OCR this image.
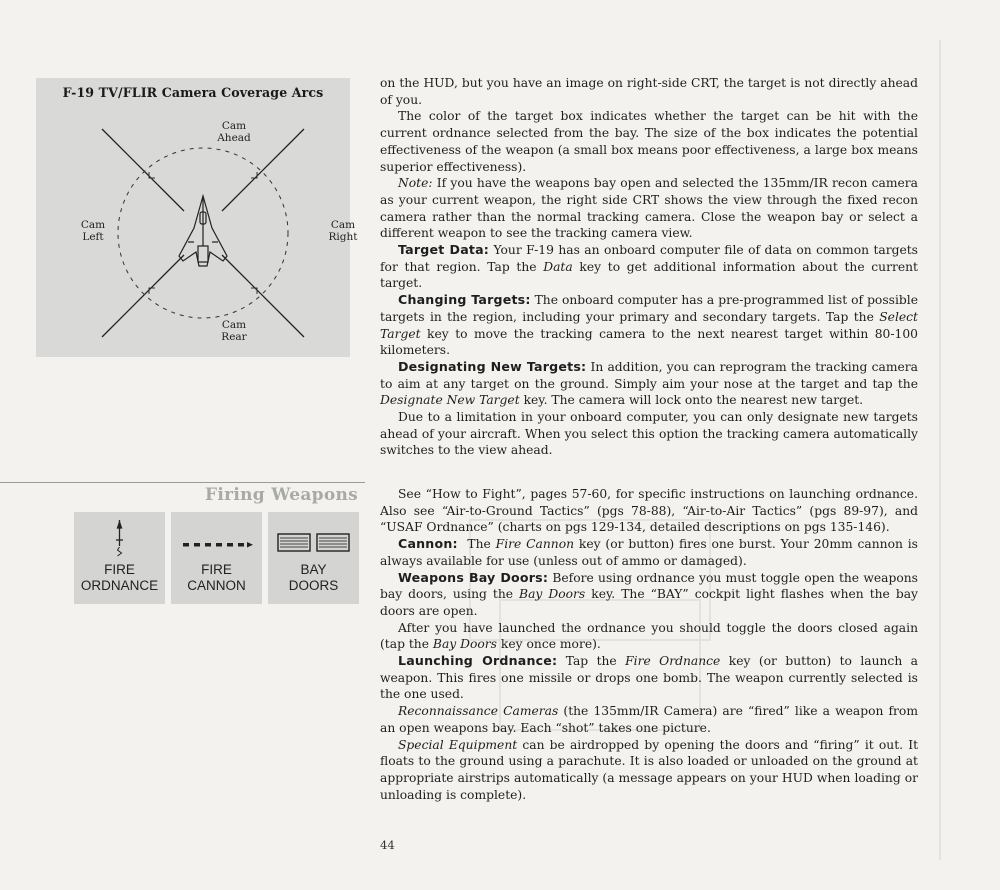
F-19 TV/FLIR Camera Coverage Arcs
Cam
Ahead
Cam
Left
Cam
Right
Cam
Rear
Firing Weapons
FIRE
ORDNANCE
FIRE
CANNON
BAY
DOORS

on the HUD, but you have an image on right-side CRT, the target is not directly ahead of you.

The color of the target box indicates whether the target can be hit with the current ordnance selected from the bay. The size of the box indicates the potential effectiveness of the weapon (a small box means poor effectiveness, a large box means superior effectiveness).

Note: If you have the weapons bay open and selected the 135mm/IR recon camera as your current weapon, the right side CRT shows the view through the fixed recon camera rather than the normal tracking camera. Close the weapon bay or select a different weapon to see the tracking camera view.

Target Data: Your F-19 has an onboard computer file of data on common targets for that region. Tap the Data key to get additional information about the current target.

Changing Targets: The onboard computer has a pre-programmed list of possible targets in the region, including your primary and secondary targets. Tap the Select Target key to move the tracking camera to the next nearest target within 80-100 kilometers.

Designating New Targets: In addition, you can reprogram the tracking camera to aim at any target on the ground. Simply aim your nose at the target and tap the Designate New Target key. The camera will lock onto the nearest new target.

Due to a limitation in your onboard computer, you can only designate new targets ahead of your aircraft. When you select this option the tracking camera automatically switches to the view ahead.

See “How to Fight”, pages 57-60, for specific instructions on launching ordnance. Also see “Air-to-Ground Tactics” (pgs 78-88), “Air-to-Air Tactics” (pgs 89-97), and “USAF Ordnance” (charts on pgs 129-134, detailed descriptions on pgs 135-146).

Cannon:  The Fire Cannon key (or button) fires one burst. Your 20mm cannon is always available for use (unless out of ammo or damaged).

Weapons Bay Doors: Before using ordnance you must toggle open the weapons bay doors, using the Bay Doors key. The “BAY” cockpit light flashes when the bay doors are open.

After you have launched the ordnance you should toggle the doors closed again (tap the Bay Doors key once more).

Launching Ordnance: Tap the Fire Ordnance key (or button) to launch a weapon. This fires one missile or drops one bomb. The weapon currently selected is the one used.

Reconnaissance Cameras (the 135mm/IR Camera) are “fired” like a weapon from an open weapons bay. Each “shot” takes one picture.

Special Equipment can be airdropped by opening the doors and “firing” it out. It floats to the ground using a parachute. It is also loaded or unloaded on the ground at appropriate airstrips automatically (a message appears on your HUD when loading or unloading is complete).

44
